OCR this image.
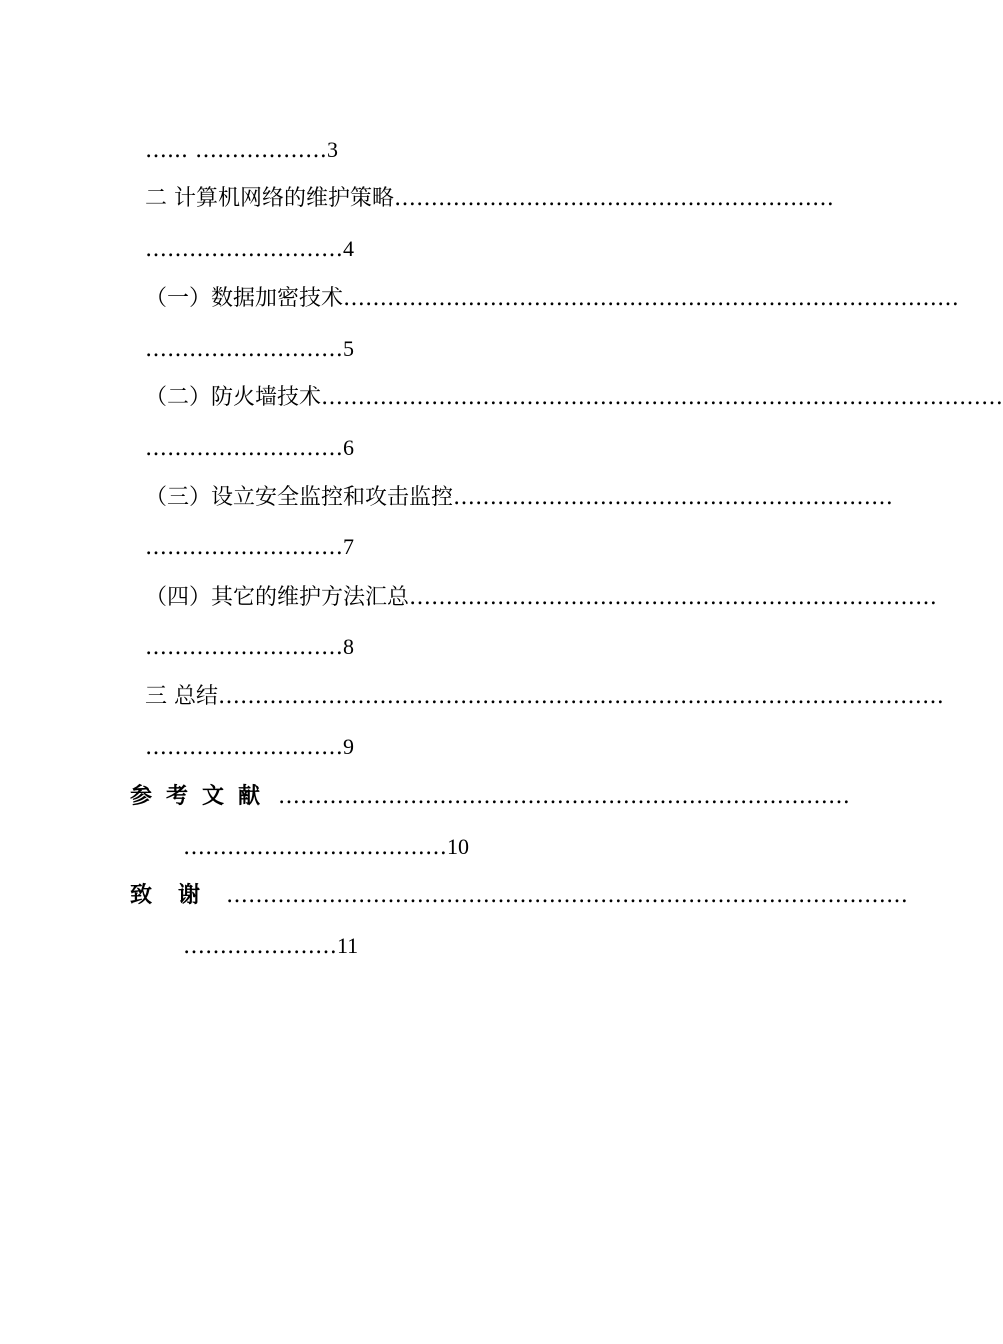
…... ………………3
二 计算机网络的维护策略……………………………………………………
………………………4
（一）数据加密技术…………………………………………………………………………
………………………5
（二）防火墙技术…………………………………………………………………………………
………………………6
（三）设立安全监控和攻击监控……………………………………………………
………………………7
（四）其它的维护方法汇总………………………………………………………………
………………………8
三 总结………………………………………………………………………………………
………………………9
参考文献 ……………………………………………………………………
………………………………10
致谢…………………………………………………………………………………
…………………11
